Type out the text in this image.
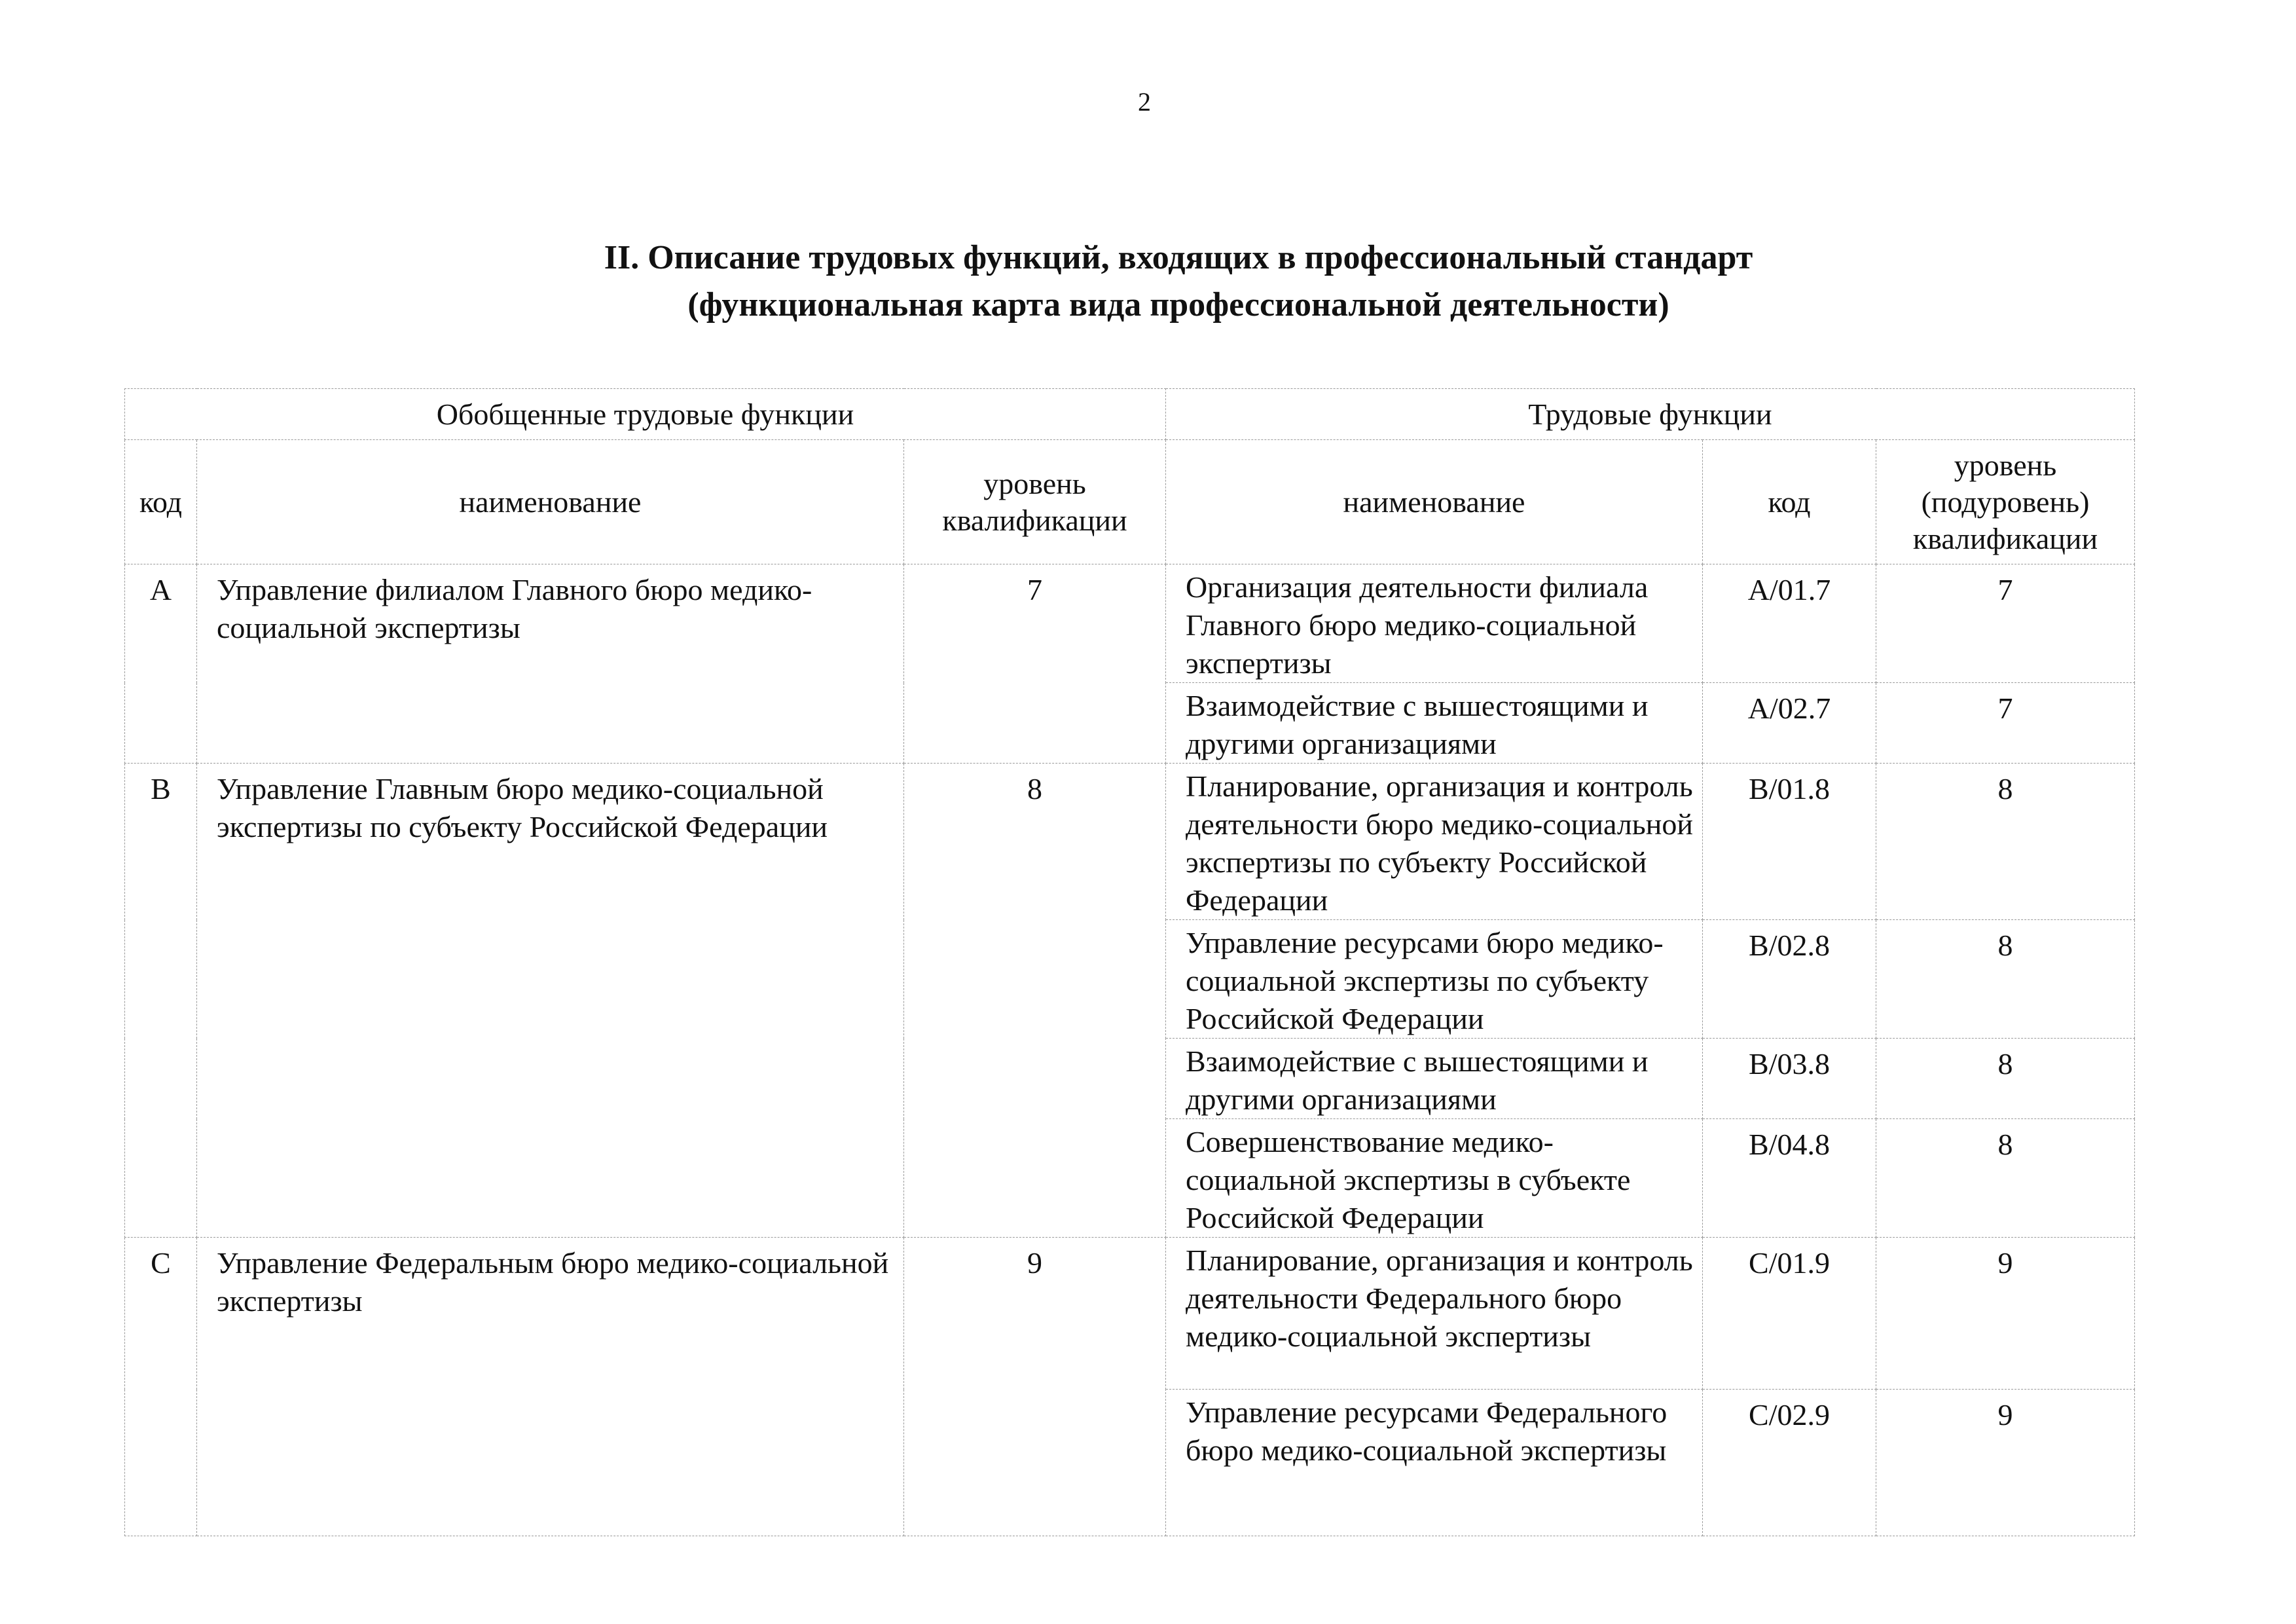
2
II. Описание трудовых функций, входящих в профессиональный стандарт
(функциональная карта вида профессиональной деятельности)
Обобщенные трудовые функции			Трудовые функции		
код	наименование	уровень квалификации	наименование	код	уровень (подуровень) квалификации
A	Управление филиалом Главного бюро медико-социальной экспертизы	7	Организация деятельности филиала Главного бюро медико-социальной экспертизы	A/01.7	7
			Взаимодействие с вышестоящими и другими организациями	A/02.7	7
B	Управление Главным бюро медико-социальной экспертизы по субъекту Российской Федерации	8	Планирование, организация и контроль деятельности бюро медико-социальной экспертизы по субъекту Российской Федерации	B/01.8	8
			Управление ресурсами бюро медико-социальной экспертизы по субъекту Российской Федерации	B/02.8	8
			Взаимодействие с вышестоящими и другими организациями	B/03.8	8
			Совершенствование медико-социальной экспертизы в субъекте Российской Федерации	B/04.8	8
C	Управление Федеральным бюро медико-социальной экспертизы	9	Планирование, организация и контроль деятельности Федерального бюро медико-социальной экспертизы	C/01.9	9
			Управление ресурсами Федерального бюро медико-социальной экспертизы	C/02.9	9
